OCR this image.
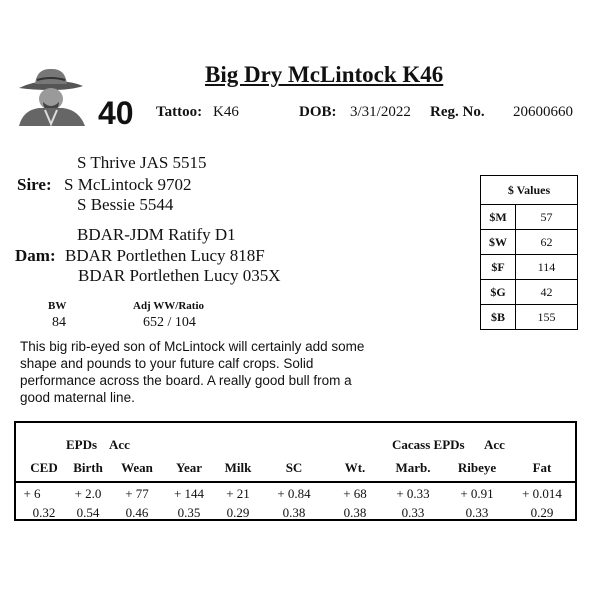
Big Dry McLintock K46
40 Tattoo: K46	DOB: 3/31/2022 Reg. No. 20600660
S Thrive JAS 5515
Sire: S McLintock 9702
S Bessie 5544
BDAR-JDM Ratify D1
Dam: BDAR Portlethen Lucy 818F
BDAR Portlethen Lucy 035X
BW
84
Adj WW/Ratio
652 / 104
This big rib-eyed son of McLintock will certainly add some shape and pounds to your future calf crops. Solid performance across the board. A really good bull from a good maternal line.
$ Values	
$M	57
$W	62
$F	114
$G	42
$B	155
EPDs Acc	Cacass EPDs Acc
CED	Birth	Wean	Year	Milk	SC	Wt.	Marb.	Ribeye	Fat
+ 6	+ 2.0	+ 77	+ 144	+ 21	+ 0.84	+ 68	+ 0.33	+ 0.91	+ 0.014
0.32	0.54	0.46	0.35	0.29	0.38	0.38	0.33	0.33	0.29
